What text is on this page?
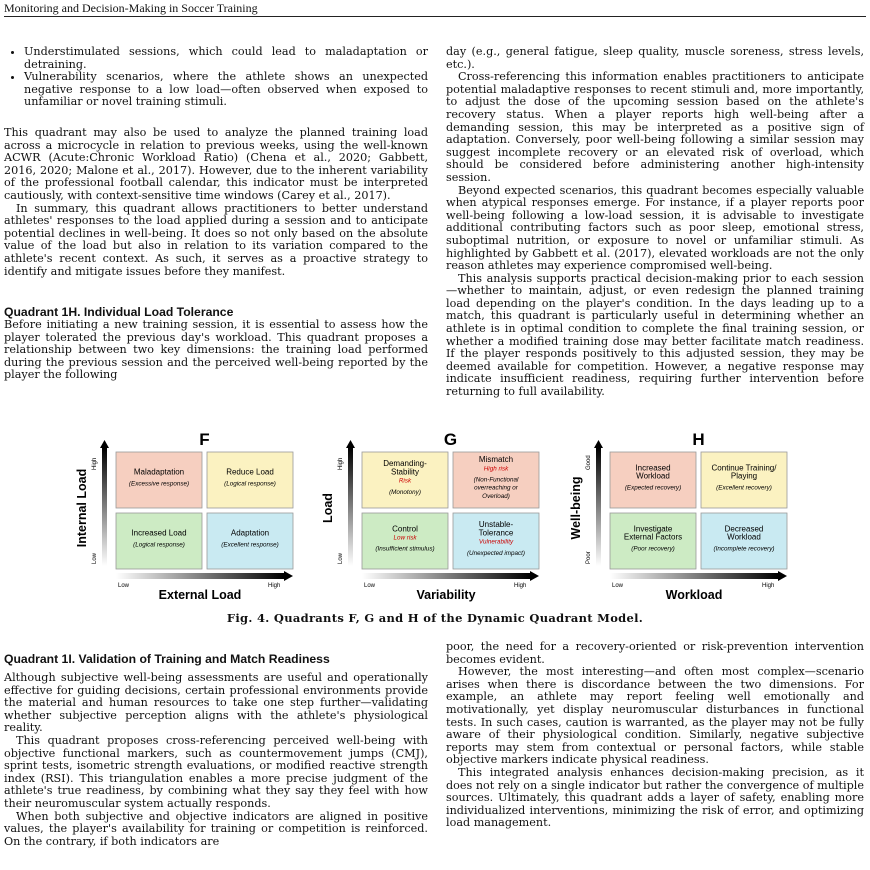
Monitoring and Decision-Making in Soccer Training
• Understimulated sessions, which could lead to maladaptation or detraining.
• Vulnerability scenarios, where the athlete shows an unexpected negative response to a low load—often observed when exposed to unfamiliar or novel training stimuli.

This quadrant may also be used to analyze the planned training load across a microcycle in relation to previous weeks, using the well-known ACWR (Acute:Chronic Workload Ratio) (Chena et al., 2020; Gabbett, 2016, 2020; Malone et al., 2017). However, due to the inherent variability of the professional football calendar, this indicator must be interpreted cautiously, with context-sensitive time windows (Carey et al., 2017).

In summary, this quadrant allows practitioners to better understand athletes' responses to the load applied during a session and to anticipate potential declines in well-being. It does so not only based on the absolute value of the load but also in relation to its variation compared to the athlete's recent context. As such, it serves as a proactive strategy to identify and mitigate issues before they manifest.

Quadrant 1H. Individual Load Tolerance

Before initiating a new training session, it is essential to assess how the player tolerated the previous day's workload. This quadrant proposes a relationship between two key dimensions: the training load performed during the previous session and the perceived well-being reported by the player the following

day (e.g., general fatigue, sleep quality, muscle soreness, stress levels, etc.).

Cross-referencing this information enables practitioners to anticipate potential maladaptive responses to recent stimuli and, more importantly, to adjust the dose of the upcoming session based on the athlete's recovery status. When a player reports high well-being after a demanding session, this may be interpreted as a positive sign of adaptation. Conversely, poor well-being following a similar session may suggest incomplete recovery or an elevated risk of overload, which should be considered before administering another high-intensity session.

Beyond expected scenarios, this quadrant becomes especially valuable when atypical responses emerge. For instance, if a player reports poor well-being following a low-load session, it is advisable to investigate additional contributing factors such as poor sleep, emotional stress, suboptimal nutrition, or exposure to novel or unfamiliar stimuli. As highlighted by Gabbett et al. (2017), elevated workloads are not the only reason athletes may experience compromised well-being.

This analysis supports practical decision-making prior to each session—whether to maintain, adjust, or even redesign the planned training load depending on the player's condition. In the days leading up to a match, this quadrant is particularly useful in determining whether an athlete is in optimal condition to complete the final training session, or whether a modified training dose may better facilitate match readiness. If the player responds positively to this adjusted session, they may be deemed available for competition. However, a negative response may indicate insufficient readiness, requiring further intervention before returning to full availability.

F
Maladaptation
(Excessive response)
Reduce Load
(Logical response)
Increased Load
(Logical response)
Adaptation
(Excellent response)
Internal Load
High
Low
Low	High
External Load
G
Demanding-
Stability
Risk
(Monotony)
Mismatch
High risk
(Non-Functional
overreaching or
Overload)
Control
Low risk
(Insufficient stimulus)
Unstable-
Tolerance
Vulnerability
(Unexpected impact)
Load
High
Low
Low	High
Variability
H
Increased
Workload
(Expected recovery)
Continue Training/
Playing
(Excellent recovery)
Investigate
External Factors
(Poor recovery)
Decreased
Workload
(Incomplete recovery)
Well-being
Good
Poor
Low	High
Workload
Fig. 4. Quadrants F, G and H of the Dynamic Quadrant Model.
Quadrant 1I. Validation of Training and Match Readiness

Although subjective well-being assessments are useful and operationally effective for guiding decisions, certain professional environments provide the material and human resources to take one step further—validating whether subjective perception aligns with the athlete's physiological reality.

This quadrant proposes cross-referencing perceived well-being with objective functional markers, such as countermovement jumps (CMJ), sprint tests, isometric strength evaluations, or modified reactive strength index (RSI). This triangulation enables a more precise judgment of the athlete's true readiness, by combining what they say they feel with how their neuromuscular system actually responds.

When both subjective and objective indicators are aligned in positive values, the player's availability for training or competition is reinforced. On the contrary, if both indicators are

poor, the need for a recovery-oriented or risk-prevention intervention becomes evident.

However, the most interesting—and often most complex—scenario arises when there is discordance between the two dimensions. For example, an athlete may report feeling well emotionally and motivationally, yet display neuromuscular disturbances in functional tests. In such cases, caution is warranted, as the player may not be fully aware of their physiological condition. Similarly, negative subjective reports may stem from contextual or personal factors, while stable objective markers indicate physical readiness.

This integrated analysis enhances decision-making precision, as it does not rely on a single indicator but rather the convergence of multiple sources. Ultimately, this quadrant adds a layer of safety, enabling more individualized interventions, minimizing the risk of error, and optimizing load management.
